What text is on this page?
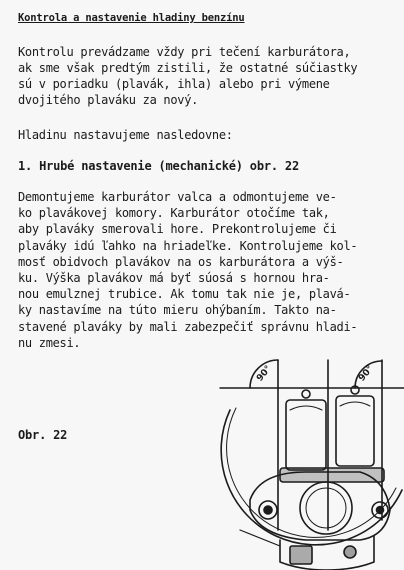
Kontrola a nastavenie hladiny benzínu
Kontrolu prevádzame vždy pri tečení karburátora,
ak sme však predtým zistili, že ostatné súčiastky
sú v poriadku (plavák, ihla) alebo pri výmene
dvojitého plaváku za nový.
Hladinu nastavujeme nasledovne:
1. Hrubé nastavenie (mechanické) obr. 22
Demontujeme karburátor valca a odmontujeme ve-
ko plavákovej komory. Karburátor otočíme tak,
aby plaváky smerovali hore. Prekontrolujeme či
plaváky idú ľahko na hriadeľke. Kontrolujeme kol-
mosť obidvoch plavákov na os karburátora a výš-
ku. Výška plavákov má byť súosá s hornou hra-
nou emulznej trubice. Ak tomu tak nie je, plavá-
ky nastavíme na túto mieru ohýbaním. Takto na-
stavené plaváky by mali zabezpečiť správnu hladi-
nu zmesi.
Obr. 22
90°	90°
